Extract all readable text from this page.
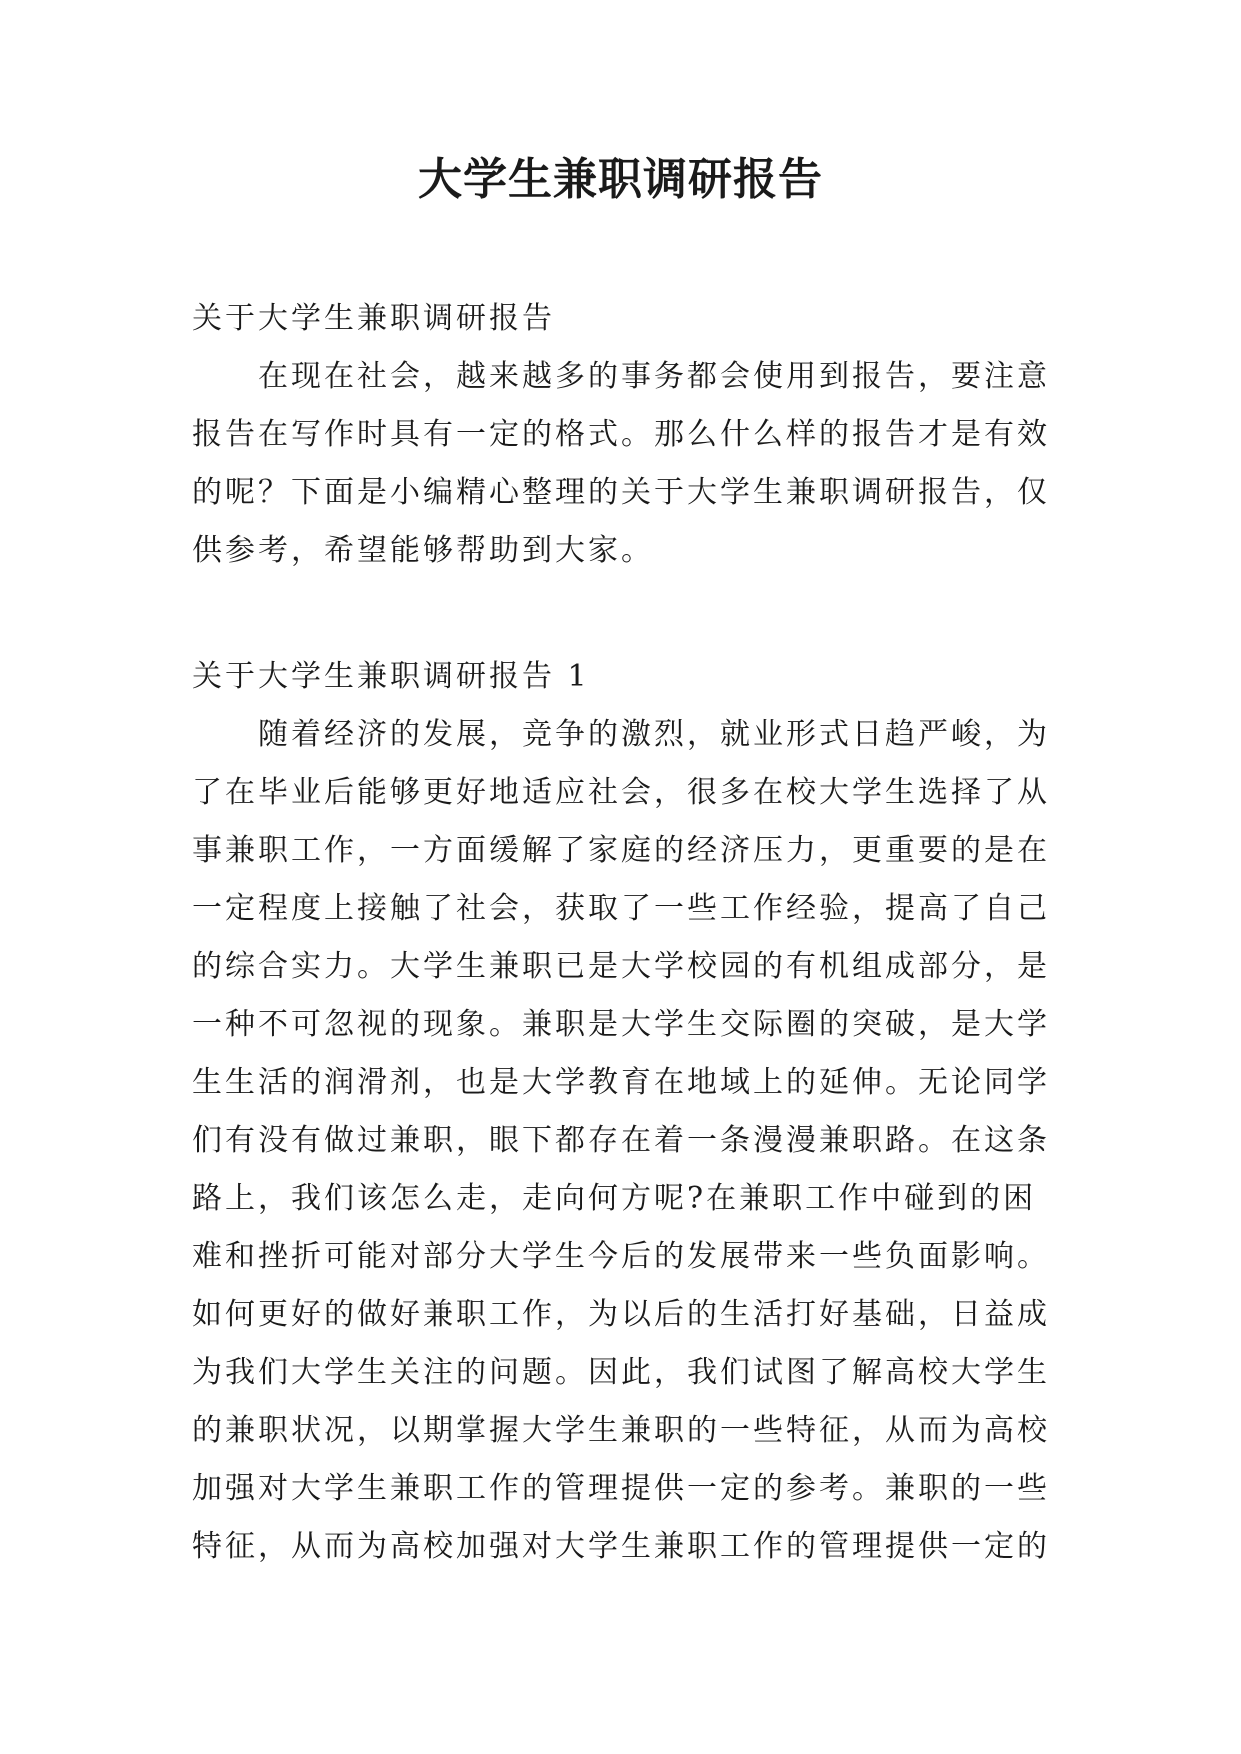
大学生兼职调研报告
关于大学生兼职调研报告

在现在社会，越来越多的事务都会使用到报告，要注意报告在写作时具有一定的格式。那么什么样的报告才是有效的呢？下面是小编精心整理的关于大学生兼职调研报告，仅供参考，希望能够帮助到大家。

关于大学生兼职调研报告 1

随着经济的发展，竞争的激烈，就业形式日趋严峻，为了在毕业后能够更好地适应社会，很多在校大学生选择了从事兼职工作，一方面缓解了家庭的经济压力，更重要的是在一定程度上接触了社会，获取了一些工作经验，提高了自己的综合实力。大学生兼职已是大学校园的有机组成部分，是一种不可忽视的现象。兼职是大学生交际圈的突破，是大学生生活的润滑剂，也是大学教育在地域上的延伸。无论同学们有没有做过兼职，眼下都存在着一条漫漫兼职路。在这条路上，我们该怎么走，走向何方呢?在兼职工作中碰到的困难和挫折可能对部分大学生今后的发展带来一些负面影响。如何更好的做好兼职工作，为以后的生活打好基础，日益成为我们大学生关注的问题。因此，我们试图了解高校大学生的兼职状况，以期掌握大学生兼职的一些特征，从而为高校加强对大学生兼职工作的管理提供一定的参考。兼职的一些特征，从而为高校加强对大学生兼职工作的管理提供一定的
